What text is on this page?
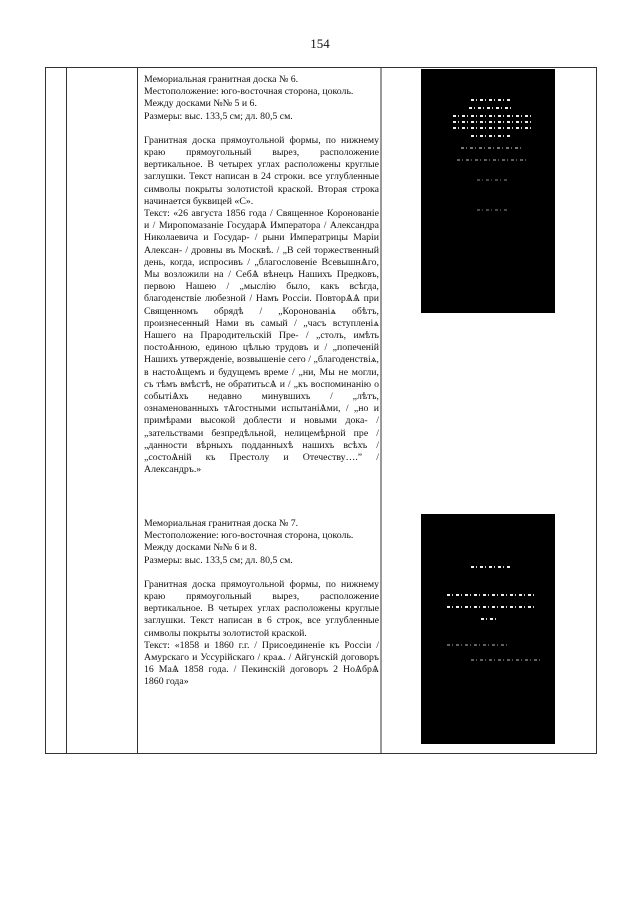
154

Мемориальная гранитная доска № 6.

Местоположение: юго-восточная сторона, цоколь.

Между досками №№ 5 и 6.

Размеры: выс. 133,5 см; дл. 80,5 см.

Гранитная доска прямоугольной формы, по нижнему краю прямоугольный вырез, расположение вертикальное. В четырех углах расположены круглые заглушки. Текст написан в 24 строки. все углубленные символы покрыты золотистой краской. Вторая строка начинается буквицей «С».

Текст: «26 августа 1856 года / Священное Коронованіе и / Миропомазаніе ГосударѦ Императора / Александра Николаевича и Государ- / рыни Императрицы Маріи Алексан- / дровны въ Москвѣ. / „В сей торжественный день, когда, испросивъ / „благословеніе ВсевышнѦго, Мы возложили на / СебѦ вѣнецъ Нашихъ Предковъ, первою Нашею / „мыслію было, какъ всѣгда, благоденствіе любезной / Намъ Россіи. ПовторѦѦ при Священномъ обрядѣ / „Коронованіѧ обѣтъ, произнесенный Нами въ самый / „часъ вступленіѧ Нашего на Прародительскій Пре- / „столъ, имѣть постоѦнною, единою цѣлью трудовъ и / „попеченій Нашихъ утвержденіе, возвышеніе сего / „благоденствіѧ, в настоѦщемъ и будущемъ време / „ни, Мы не могли, съ тѣмъ вмѣстѣ, не обратитьсѦ и / „къ воспоминанію о событіѦхъ недавно минувшихъ / „лѣтъ, ознаменованныхъ тѦгостными испытаніѦми, / „но и примѣрами высокой доблести и новыми дока- / „зательствами безпредѣльной, нелицемѣрной пре / „данности вѣрныхъ подданныхѣ нашихъ всѣхъ / „состоѦній къ Престолу и Отечеству….” / Александръ.»

Мемориальная гранитная доска № 7.

Местоположение: юго-восточная сторона, цоколь.

Между досками №№ 6 и 8.

Размеры: выс. 133,5 см; дл. 80,5 см.

Гранитная доска прямоугольной формы, по нижнему краю прямоугольный вырез, расположение вертикальное. В четырех углах расположены круглые заглушки. Текст написан в 6 строк, все углубленные символы покрыты золотистой краской.

Текст: «1858 и 1860 г.г. / Присоединеніе къ Россіи / Амурскаго и Уссурійскаго / краѧ. / Айгунскій договоръ 16 МаѦ 1858 года. / Пекинскій договоръ 2 НоѦбрѦ 1860 года»
